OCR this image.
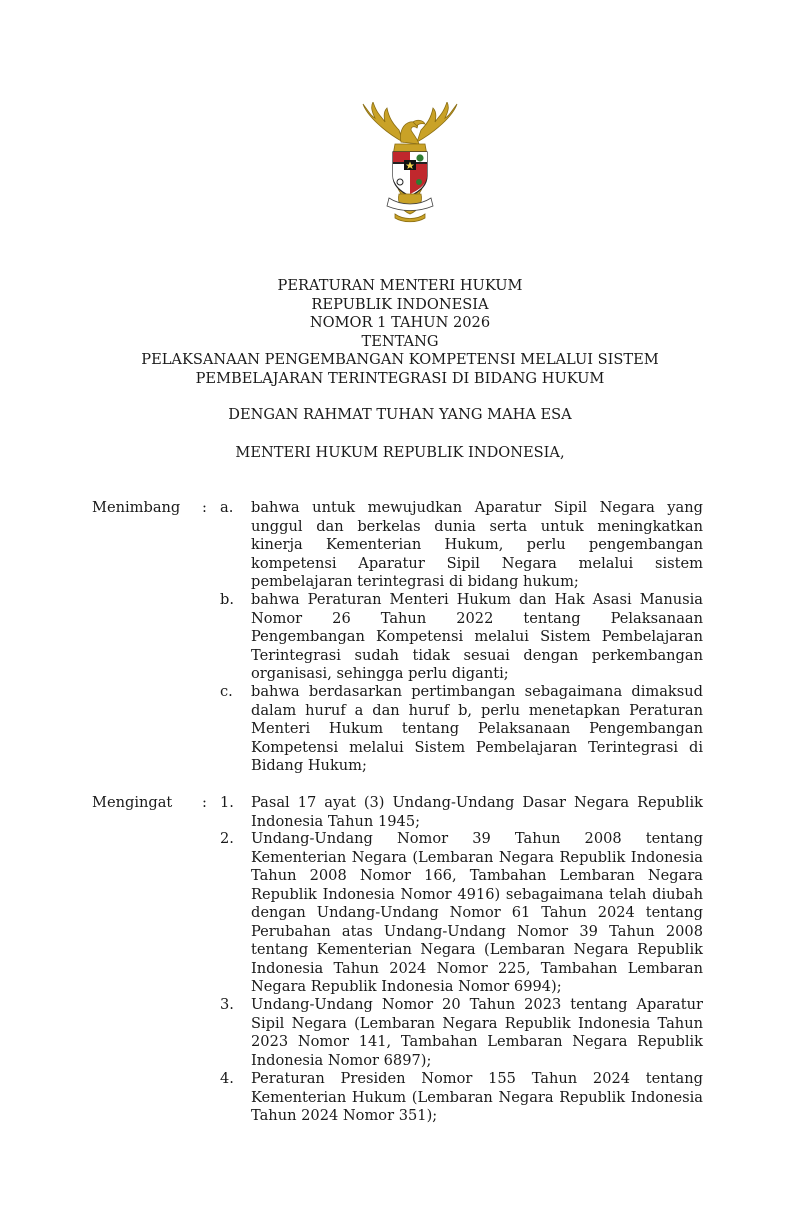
PERATURAN MENTERI HUKUM
REPUBLIK INDONESIA
NOMOR 1 TAHUN 2026
TENTANG
PELAKSANAAN PENGEMBANGAN KOMPETENSI MELALUI SISTEM
PEMBELAJARAN TERINTEGRASI DI BIDANG HUKUM
DENGAN RAHMAT TUHAN YANG MAHA ESA
MENTERI HUKUM REPUBLIK INDONESIA,
Menimbang : a.	bahwa untuk mewujudkan Aparatur Sipil Negara yang
unggul dan berkelas dunia serta untuk meningkatkan
kinerja Kementerian Hukum, perlu pengembangan
kompetensi Aparatur Sipil Negara melalui sistem
pembelajaran terintegrasi di bidang hukum;
b.	bahwa Peraturan Menteri Hukum dan Hak Asasi Manusia
Nomor 26 Tahun 2022 tentang Pelaksanaan
Pengembangan Kompetensi melalui Sistem Pembelajaran
Terintegrasi sudah tidak sesuai dengan perkembangan
organisasi, sehingga perlu diganti;
c.	bahwa berdasarkan pertimbangan sebagaimana dimaksud
dalam huruf a dan huruf b, perlu menetapkan Peraturan
Menteri Hukum tentang Pelaksanaan Pengembangan
Kompetensi melalui Sistem Pembelajaran Terintegrasi di
Bidang Hukum;
Mengingat : 1.	Pasal 17 ayat (3) Undang-Undang Dasar Negara Republik
Indonesia Tahun 1945;
2.	Undang-Undang Nomor 39 Tahun 2008 tentang
Kementerian Negara (Lembaran Negara Republik Indonesia
Tahun 2008 Nomor 166, Tambahan Lembaran Negara
Republik Indonesia Nomor 4916) sebagaimana telah diubah
dengan Undang-Undang Nomor 61 Tahun 2024 tentang
Perubahan atas Undang-Undang Nomor 39 Tahun 2008
tentang Kementerian Negara (Lembaran Negara Republik
Indonesia Tahun 2024 Nomor 225, Tambahan Lembaran
Negara Republik Indonesia Nomor 6994);
3.	Undang-Undang Nomor 20 Tahun 2023 tentang Aparatur
Sipil Negara (Lembaran Negara Republik Indonesia Tahun
2023 Nomor 141, Tambahan Lembaran Negara Republik
Indonesia Nomor 6897);
4.	Peraturan Presiden Nomor 155 Tahun 2024 tentang
Kementerian Hukum (Lembaran Negara Republik Indonesia
Tahun 2024 Nomor 351);
